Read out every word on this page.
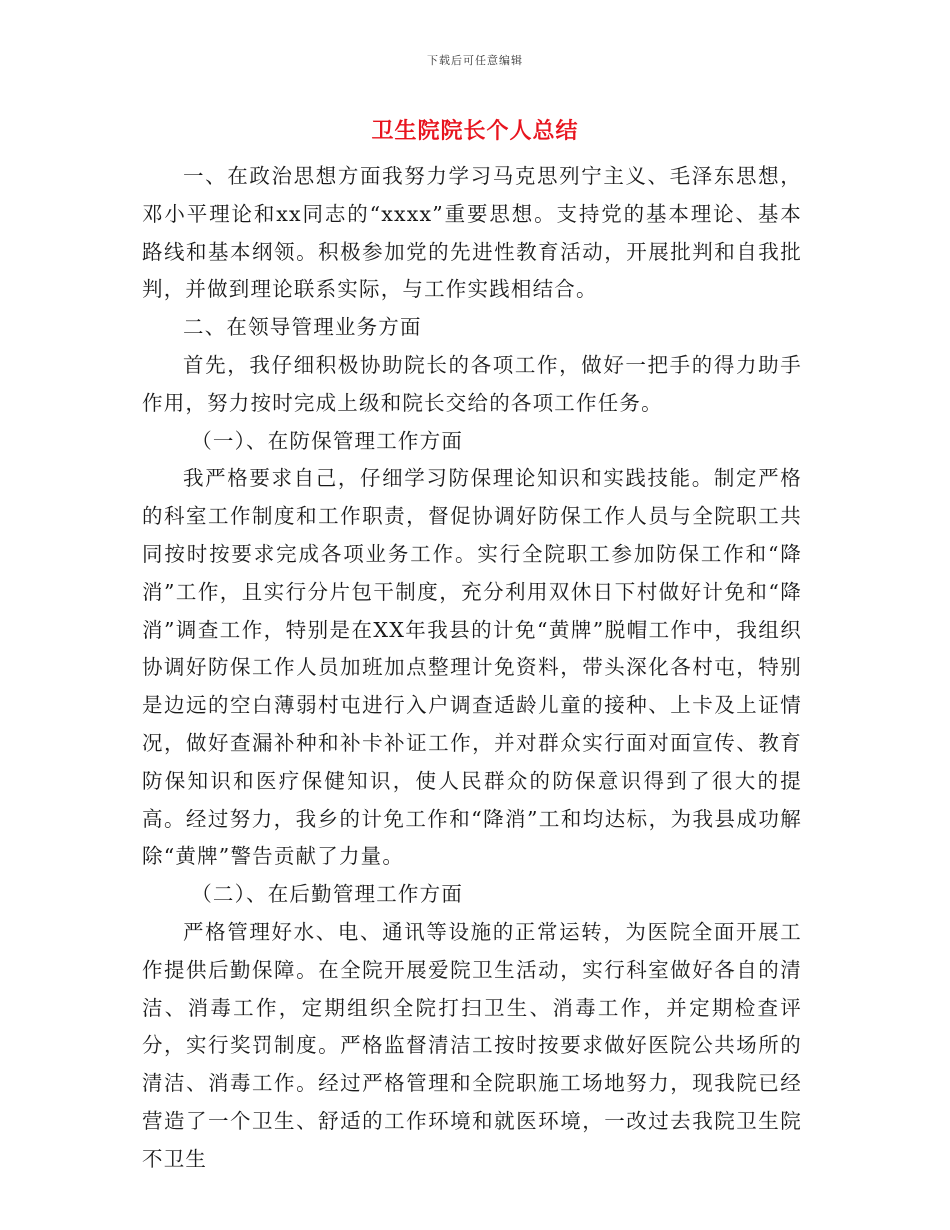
下载后可任意编辑
卫生院院长个人总结

一、在政治思想方面我努力学习马克思列宁主义、毛泽东思想，邓小平理论和xx同志的“xxxx”重要思想。支持党的基本理论、基本路线和基本纲领。积极参加党的先进性教育活动，开展批判和自我批判，并做到理论联系实际，与工作实践相结合。

二、在领导管理业务方面

首先，我仔细积极协助院长的各项工作，做好一把手的得力助手作用，努力按时完成上级和院长交给的各项工作任务。

（一）、在防保管理工作方面

我严格要求自己，仔细学习防保理论知识和实践技能。制定严格的科室工作制度和工作职责，督促协调好防保工作人员与全院职工共同按时按要求完成各项业务工作。实行全院职工参加防保工作和“降消”工作，且实行分片包干制度，充分利用双休日下村做好计免和“降消”调查工作，特别是在XX年我县的计免“黄牌”脱帽工作中，我组织协调好防保工作人员加班加点整理计免资料，带头深化各村屯，特别是边远的空白薄弱村屯进行入户调查适龄儿童的接种、上卡及上证情况，做好查漏补种和补卡补证工作，并对群众实行面对面宣传、教育防保知识和医疗保健知识，使人民群众的防保意识得到了很大的提高。经过努力，我乡的计免工作和“降消”工和均达标，为我县成功解除“黄牌”警告贡献了力量。

（二）、在后勤管理工作方面

严格管理好水、电、通讯等设施的正常运转，为医院全面开展工作提供后勤保障。在全院开展爱院卫生活动，实行科室做好各自的清洁、消毒工作，定期组织全院打扫卫生、消毒工作，并定期检查评分，实行奖罚制度。严格监督清洁工按时按要求做好医院公共场所的清洁、消毒工作。经过严格管理和全院职施工场地努力，现我院已经营造了一个卫生、舒适的工作环境和就医环境，一改过去我院卫生院不卫生
